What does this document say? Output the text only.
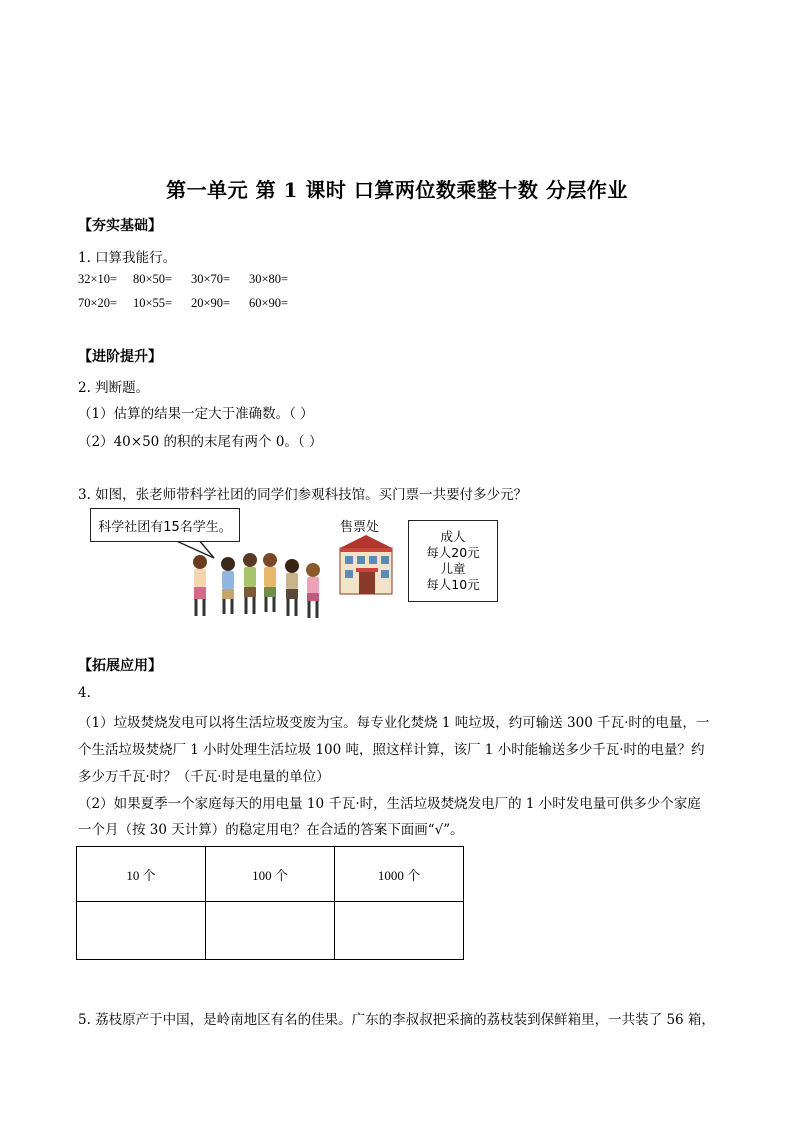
第一单元 第 1 课时 口算两位数乘整十数 分层作业
【夯实基础】
1. 口算我能行。
32×10= 80×50= 30×70= 30×80=
70×20= 10×55= 20×90= 60×90=
【进阶提升】
2. 判断题。
（1）估算的结果一定大于准确数。（ ）
（2）40×50 的积的末尾有两个 0。（ ）
3. 如图，张老师带科学社团的同学们参观科技馆。买门票一共要付多少元？
科学社团有15名学生。	售票处
成人
每人20元
儿童
每人10元
【拓展应用】
4.
（1）垃圾焚烧发电可以将生活垃圾变废为宝。每专业化焚烧 1 吨垃圾，约可输送 300 千瓦·时的电量，一
个生活垃圾焚烧厂 1 小时处理生活垃圾 100 吨，照这样计算，该厂 1 小时能输送多少千瓦·时的电量？约
多少万千瓦·时？（千瓦·时是电量的单位）
（2）如果夏季一个家庭每天的用电量 10 千瓦·时，生活垃圾焚烧发电厂的 1 小时发电量可供多少个家庭
一个月（按 30 天计算）的稳定用电？在合适的答案下面画“√”。
10 个	100 个	1000 个

5. 荔枝原产于中国，是岭南地区有名的佳果。广东的李叔叔把采摘的荔枝装到保鲜箱里，一共装了 56 箱，
